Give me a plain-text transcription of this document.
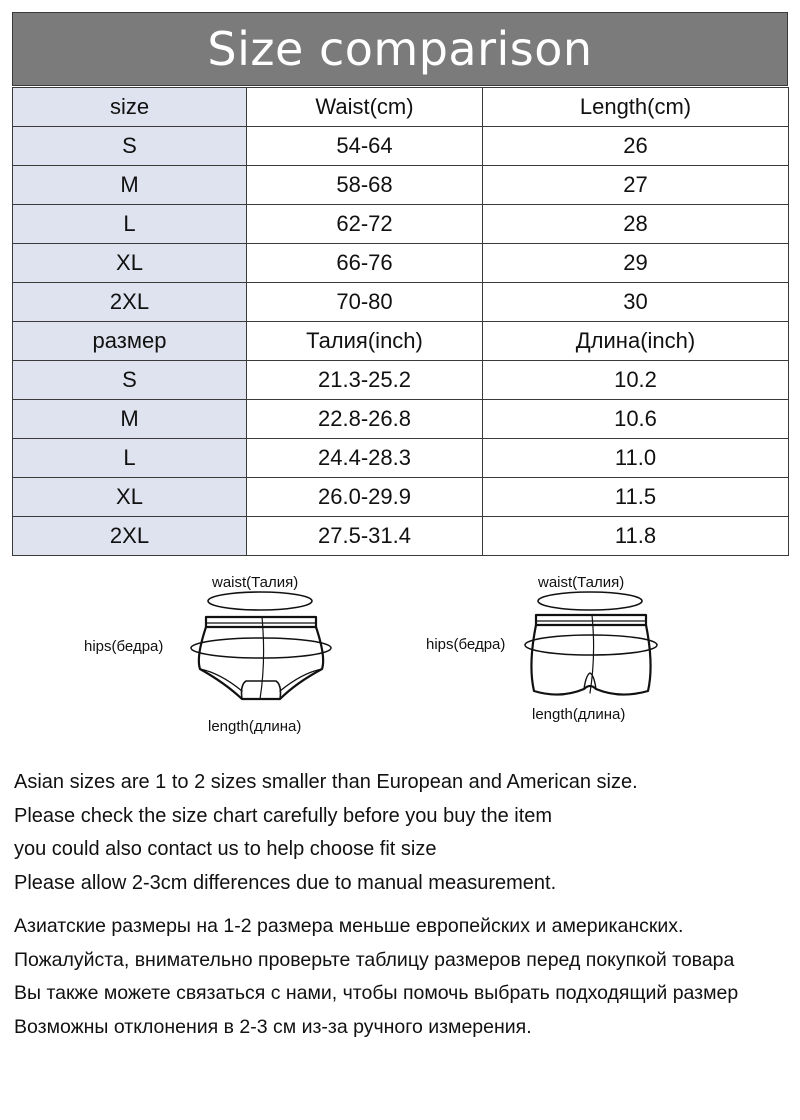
Size comparison
size	Waist(cm)	Length(cm)
S	54-64	26
M	58-68	27
L	62-72	28
XL	66-76	29
2XL	70-80	30
размер	Талия(inch)	Длина(inch)
S	21.3-25.2	10.2
M	22.8-26.8	10.6
L	24.4-28.3	11.0
XL	26.0-29.9	11.5
2XL	27.5-31.4	11.8
waist(Талия)
hips(бедра)
length(длина)
waist(Талия)
hips(бедра)
length(длина)
Asian sizes are 1 to 2 sizes smaller than European and American size.
Please check the size chart carefully before you buy the item
you could also contact us to help choose fit size
Please allow 2-3cm differences due to manual measurement.
Азиатские размеры на 1-2 размера меньше европейских и американских.
Пожалуйста, внимательно проверьте таблицу размеров перед покупкой товара
Вы также можете связаться с нами, чтобы помочь выбрать подходящий размер
Возможны отклонения в 2-3 см из-за ручного измерения.
